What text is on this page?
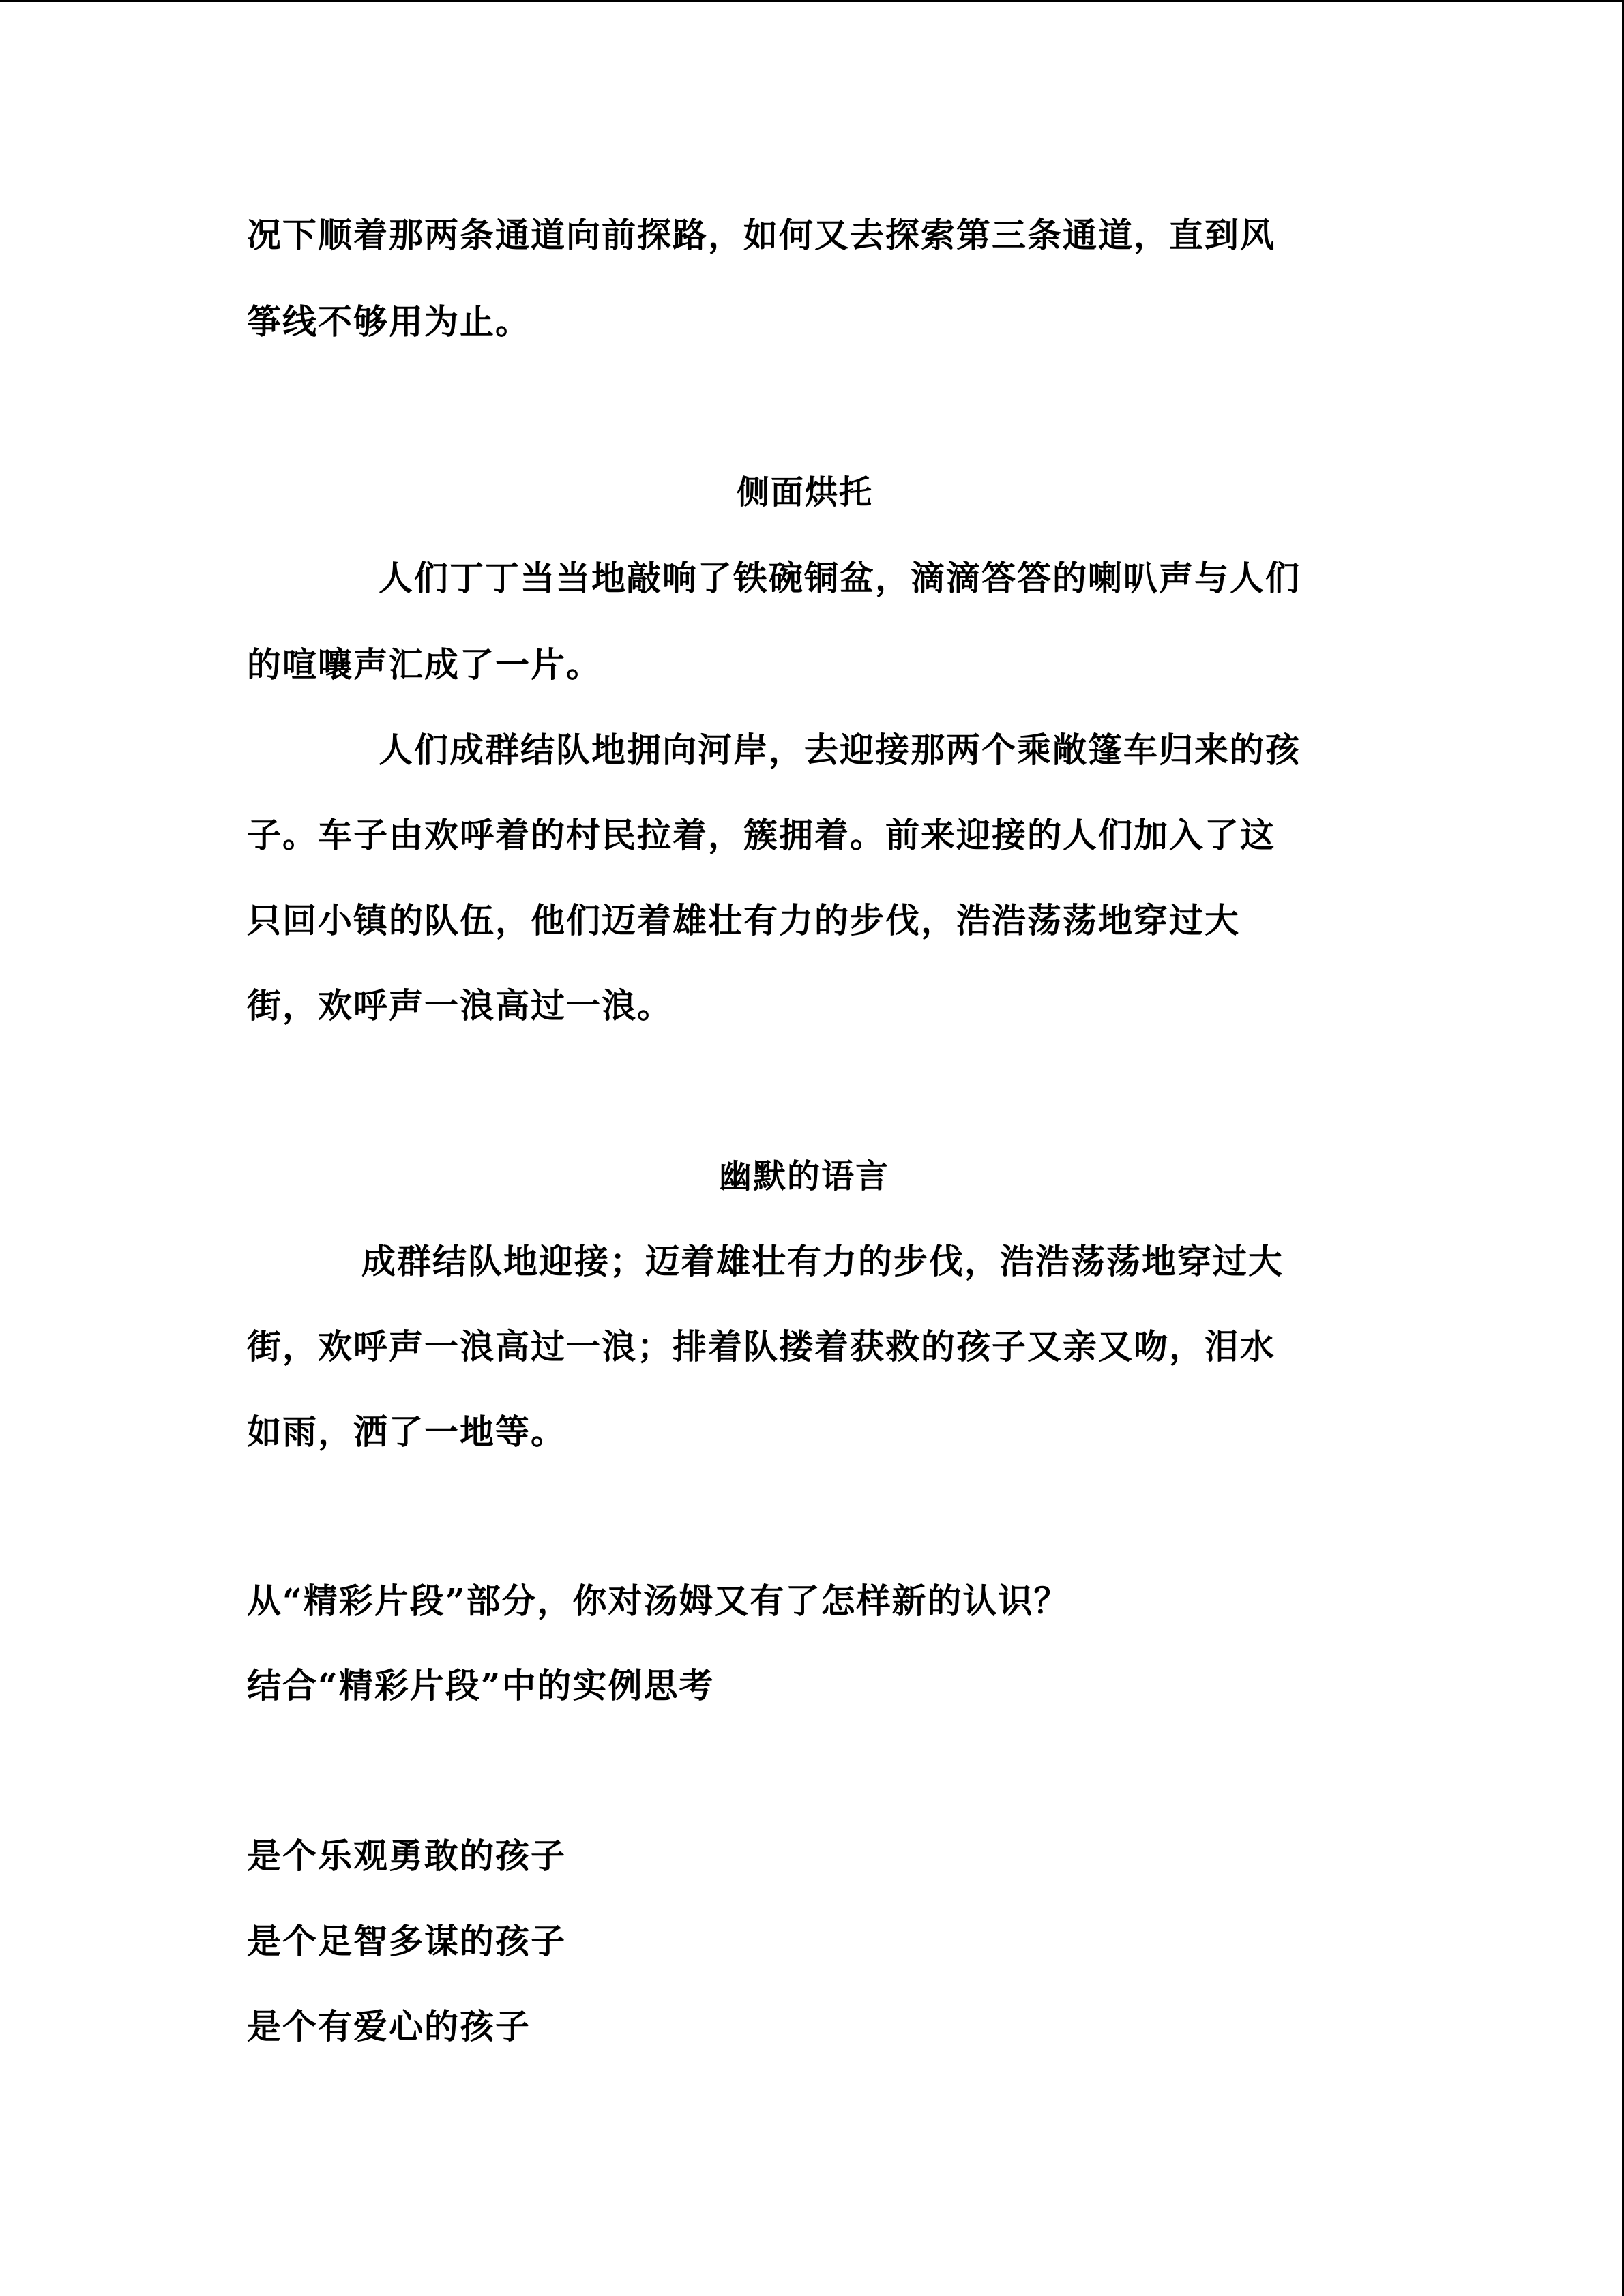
况下顺着那两条通道向前探路，如何又去探索第三条通道，直到风
筝线不够用为止。
侧面烘托
人们丁丁当当地敲响了铁碗铜盆，滴滴答答的喇叭声与人们
的喧嚷声汇成了一片。
人们成群结队地拥向河岸，去迎接那两个乘敞篷车归来的孩
子。车子由欢呼着的村民拉着，簇拥着。前来迎接的人们加入了这
只回小镇的队伍，他们迈着雄壮有力的步伐，浩浩荡荡地穿过大
街，欢呼声一浪高过一浪。
幽默的语言
成群结队地迎接；迈着雄壮有力的步伐，浩浩荡荡地穿过大
街，欢呼声一浪高过一浪；排着队搂着获救的孩子又亲又吻，泪水
如雨，洒了一地等。
从“精彩片段”部分，你对汤姆又有了怎样新的认识？
结合“精彩片段”中的实例思考
是个乐观勇敢的孩子
是个足智多谋的孩子
是个有爱心的孩子
